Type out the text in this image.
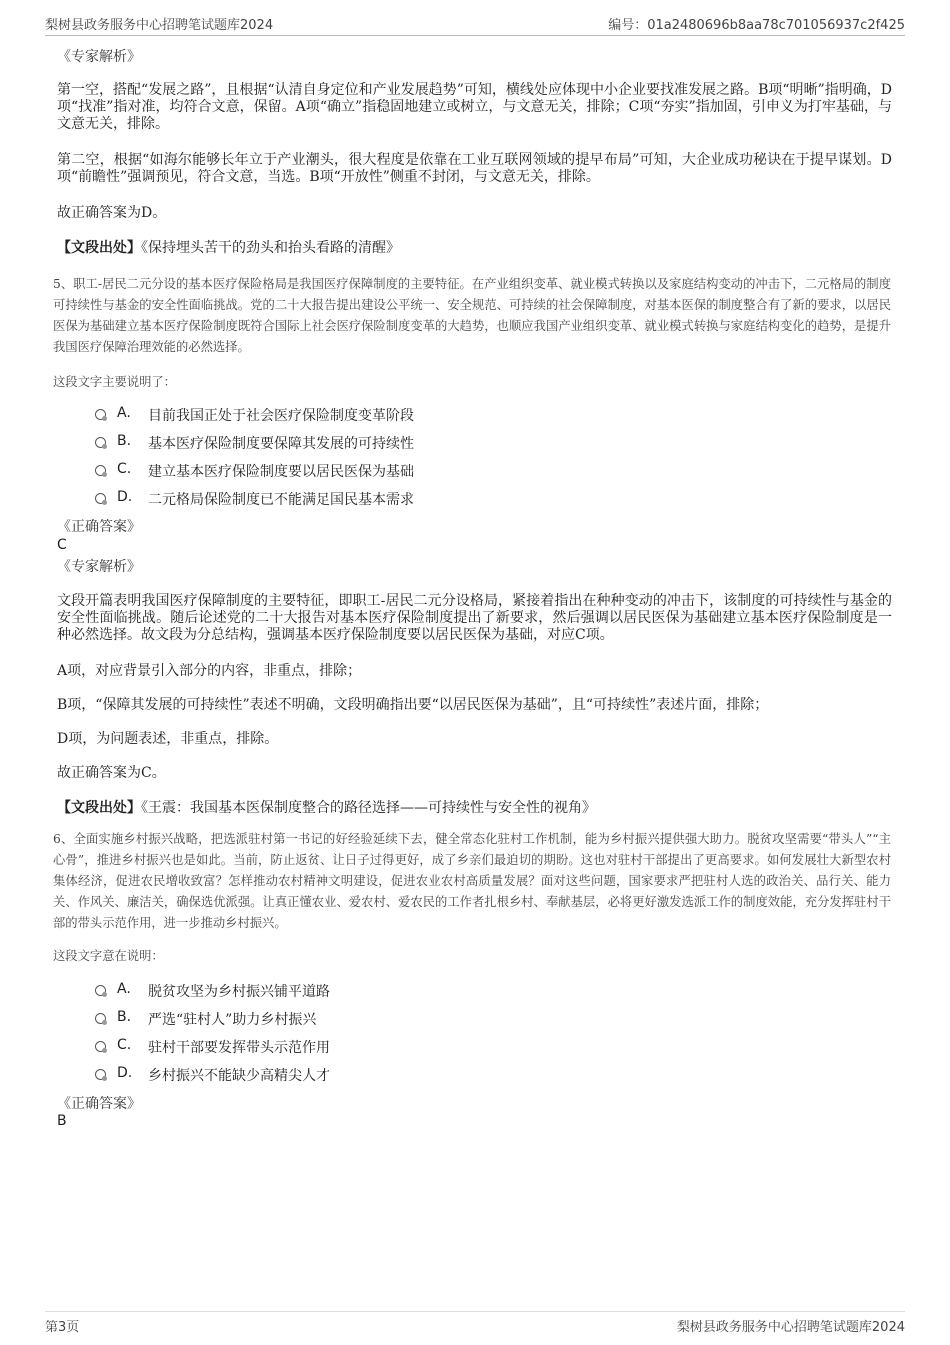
梨树县政务服务中心招聘笔试题库2024	编号：01a2480696b8aa78c701056937c2f425
《专家解析》
第一空，搭配“发展之路”，且根据“认清自身定位和产业发展趋势”可知，横线处应体现中小企业要找准发展之路。B项“明晰”指明确，D项“找准”指对准，均符合文意，保留。A项“确立”指稳固地建立或树立，与文意无关，排除；C项“夯实”指加固，引申义为打牢基础，与文意无关，排除。
第二空，根据“如海尔能够长年立于产业潮头，很大程度是依靠在工业互联网领域的提早布局”可知，大企业成功秘诀在于提早谋划。D项“前瞻性”强调预见，符合文意，当选。B项“开放性”侧重不封闭，与文意无关，排除。
故正确答案为D。
【文段出处】《保持埋头苦干的劲头和抬头看路的清醒》
5、职工-居民二元分设的基本医疗保险格局是我国医疗保障制度的主要特征。在产业组织变革、就业模式转换以及家庭结构变动的冲击下，二元格局的制度可持续性与基金的安全性面临挑战。党的二十大报告提出建设公平统一、安全规范、可持续的社会保障制度，对基本医保的制度整合有了新的要求，以居民医保为基础建立基本医疗保险制度既符合国际上社会医疗保险制度变革的大趋势，也顺应我国产业组织变革、就业模式转换与家庭结构变化的趋势，是提升我国医疗保障治理效能的必然选择。
这段文字主要说明了：
A. 目前我国正处于社会医疗保险制度变革阶段
B. 基本医疗保险制度要保障其发展的可持续性
C. 建立基本医疗保险制度要以居民医保为基础
D. 二元格局保险制度已不能满足国民基本需求
《正确答案》
C
《专家解析》
文段开篇表明我国医疗保障制度的主要特征，即职工-居民二元分设格局，紧接着指出在种种变动的冲击下，该制度的可持续性与基金的安全性面临挑战。随后论述党的二十大报告对基本医疗保险制度提出了新要求，然后强调以居民医保为基础建立基本医疗保险制度是一种必然选择。故文段为分总结构，强调基本医疗保险制度要以居民医保为基础，对应C项。
A项，对应背景引入部分的内容，非重点，排除；
B项，“保障其发展的可持续性”表述不明确，文段明确指出要“以居民医保为基础”，且“可持续性”表述片面，排除；
D项，为问题表述，非重点，排除。
故正确答案为C。
【文段出处】《王震：我国基本医保制度整合的路径选择——可持续性与安全性的视角》
6、全面实施乡村振兴战略，把选派驻村第一书记的好经验延续下去，健全常态化驻村工作机制，能为乡村振兴提供强大助力。脱贫攻坚需要“带头人”“主心骨”，推进乡村振兴也是如此。当前，防止返贫、让日子过得更好，成了乡亲们最迫切的期盼。这也对驻村干部提出了更高要求。如何发展壮大新型农村集体经济，促进农民增收致富？怎样推动农村精神文明建设，促进农业农村高质量发展？面对这些问题，国家要求严把驻村人选的政治关、品行关、能力关、作风关、廉洁关，确保选优派强。让真正懂农业、爱农村、爱农民的工作者扎根乡村、奉献基层，必将更好激发选派工作的制度效能，充分发挥驻村干部的带头示范作用，进一步推动乡村振兴。
这段文字意在说明：
A. 脱贫攻坚为乡村振兴铺平道路
B. 严选“驻村人”助力乡村振兴
C. 驻村干部要发挥带头示范作用
D. 乡村振兴不能缺少高精尖人才
《正确答案》
B
第3页	梨树县政务服务中心招聘笔试题库2024
